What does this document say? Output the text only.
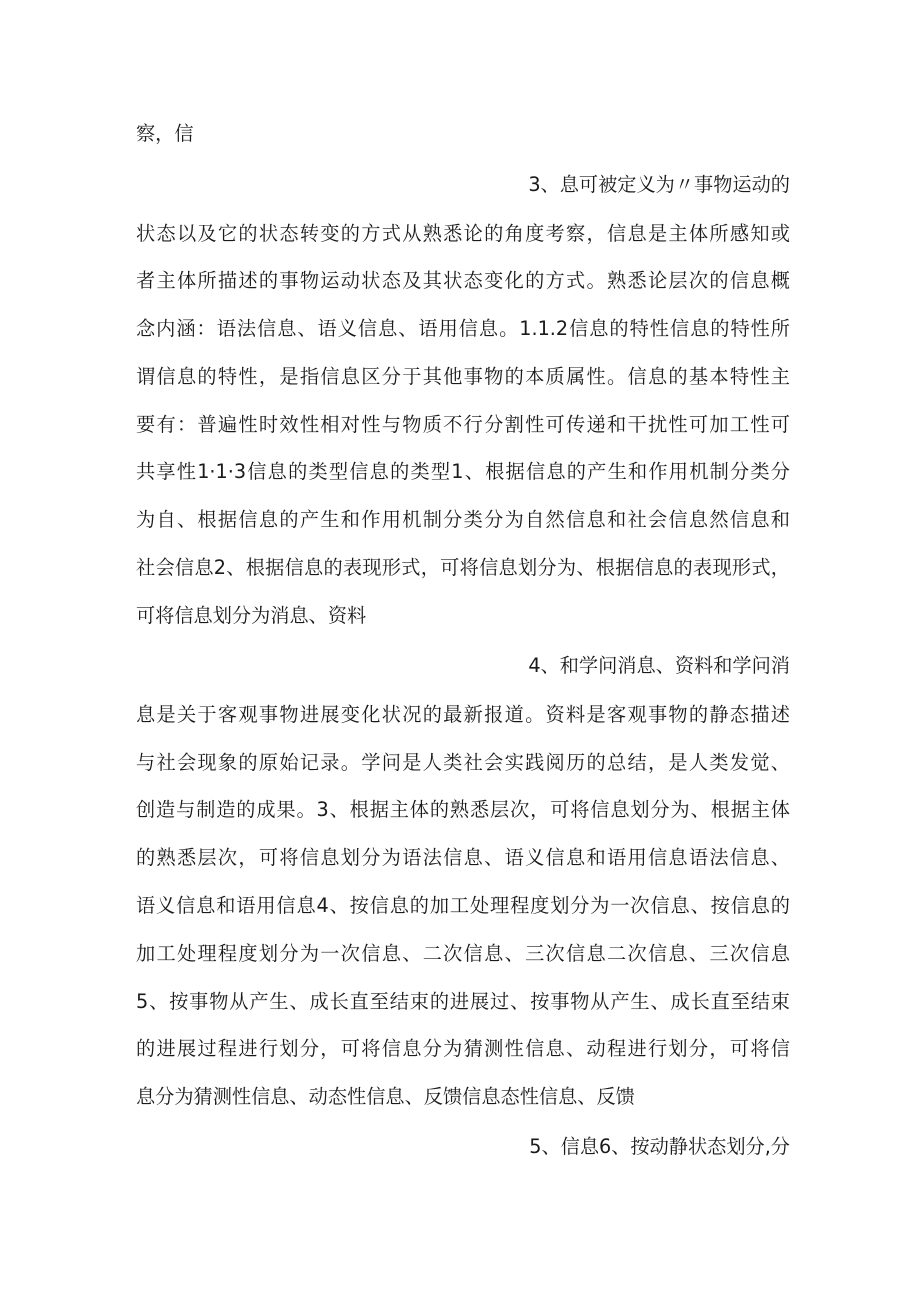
察，信
3、息可被定义为〃事物运动的
状态以及它的状态转变的方式从熟悉论的角度考察，信息是主体所感知或
者主体所描述的事物运动状态及其状态变化的方式。熟悉论层次的信息概
念内涵：语法信息、语义信息、语用信息。1.1.2信息的特性信息的特性所
谓信息的特性，是指信息区分于其他事物的本质属性。信息的基本特性主
要有：普遍性时效性相对性与物质不行分割性可传递和干扰性可加工性可
共享性1·1·3信息的类型信息的类型1、根据信息的产生和作用机制分类分
为自、根据信息的产生和作用机制分类分为自然信息和社会信息然信息和
社会信息2、根据信息的表现形式，可将信息划分为、根据信息的表现形式，
可将信息划分为消息、资料
4、和学问消息、资料和学问消
息是关于客观事物进展变化状况的最新报道。资料是客观事物的静态描述
与社会现象的原始记录。学问是人类社会实践阅历的总结，是人类发觉、
创造与制造的成果。3、根据主体的熟悉层次，可将信息划分为、根据主体
的熟悉层次，可将信息划分为语法信息、语义信息和语用信息语法信息、
语义信息和语用信息4、按信息的加工处理程度划分为一次信息、按信息的
加工处理程度划分为一次信息、二次信息、三次信息二次信息、三次信息
5、按事物从产生、成长直至结束的进展过、按事物从产生、成长直至结束
的进展过程进行划分，可将信息分为猜测性信息、动程进行划分，可将信
息分为猜测性信息、动态性信息、反馈信息态性信息、反馈
5、信息6、按动静状态划分,分
